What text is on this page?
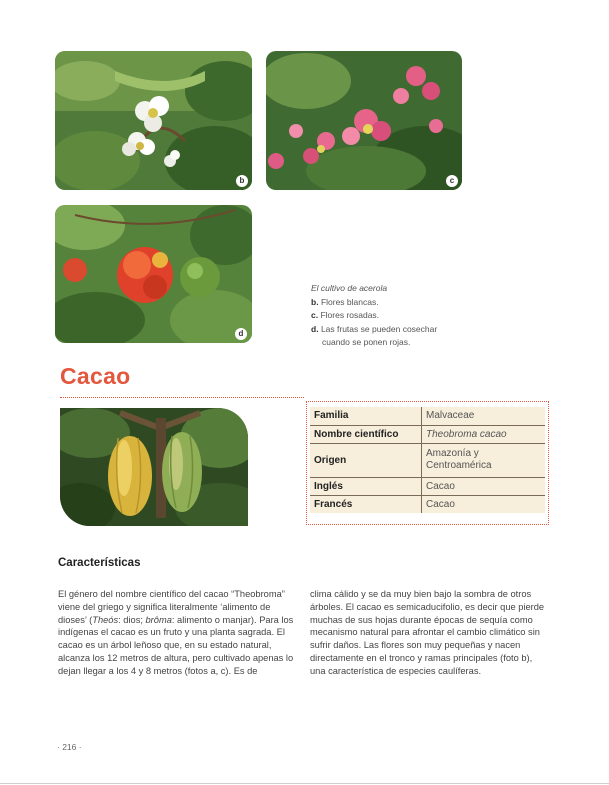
b	c
d
El cultivo de acerola
b. Flores blancas.
c. Flores rosadas.
d. Las frutas se pueden cosechar
cuando se ponen rojas.
Cacao
Familia	Malvaceae
Nombre científico	Theobroma cacao
Origen	Amazonía y
Centroamérica

Inglés	Cacao
Francés	Cacao
Características
El género del nombre científico del cacao “Theobroma” viene del griego y significa literalmente ‘alimento de dioses’ (Theós: dios; brôma: alimento o manjar). Para los indígenas el cacao es un fruto y una planta sagrada. El cacao es un árbol leñoso que, en su estado natural, alcanza los 12 metros de altura, pero cultivado apenas lo dejan llegar a los 4 y 8 metros (fotos a, c). Es de
clima cálido y se da muy bien bajo la sombra de otros árboles. El cacao es semicaducifolio, es decir que pierde muchas de sus hojas durante épocas de sequía como mecanismo natural para afrontar el cambio climático sin sufrir daños. Las flores son muy pequeñas y nacen directamente en el tronco y ramas principales (foto b), una característica de especies caulíferas.
· 216 ·
